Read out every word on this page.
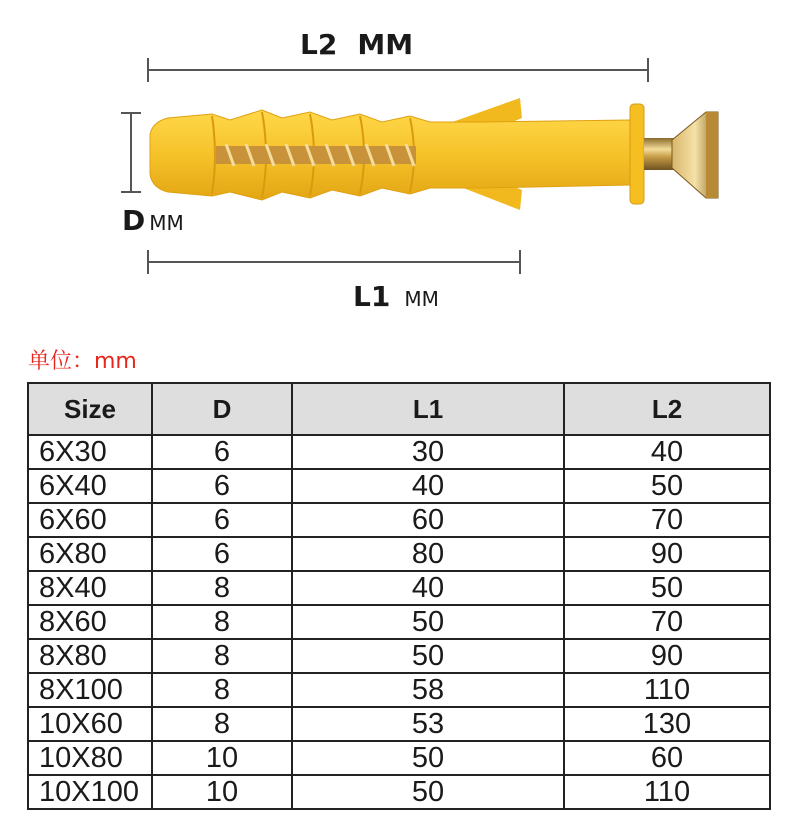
L2 MM
D MM
L1 MM
单位：mm
Size	D	L1	L2
6X30	6	30	40
6X40	6	40	50
6X60	6	60	70
6X80	6	80	90
8X40	8	40	50
8X60	8	50	70
8X80	8	50	90
8X100	8	58	110
10X60	8	53	130
10X80	10	50	60
10X100	10	50	110
